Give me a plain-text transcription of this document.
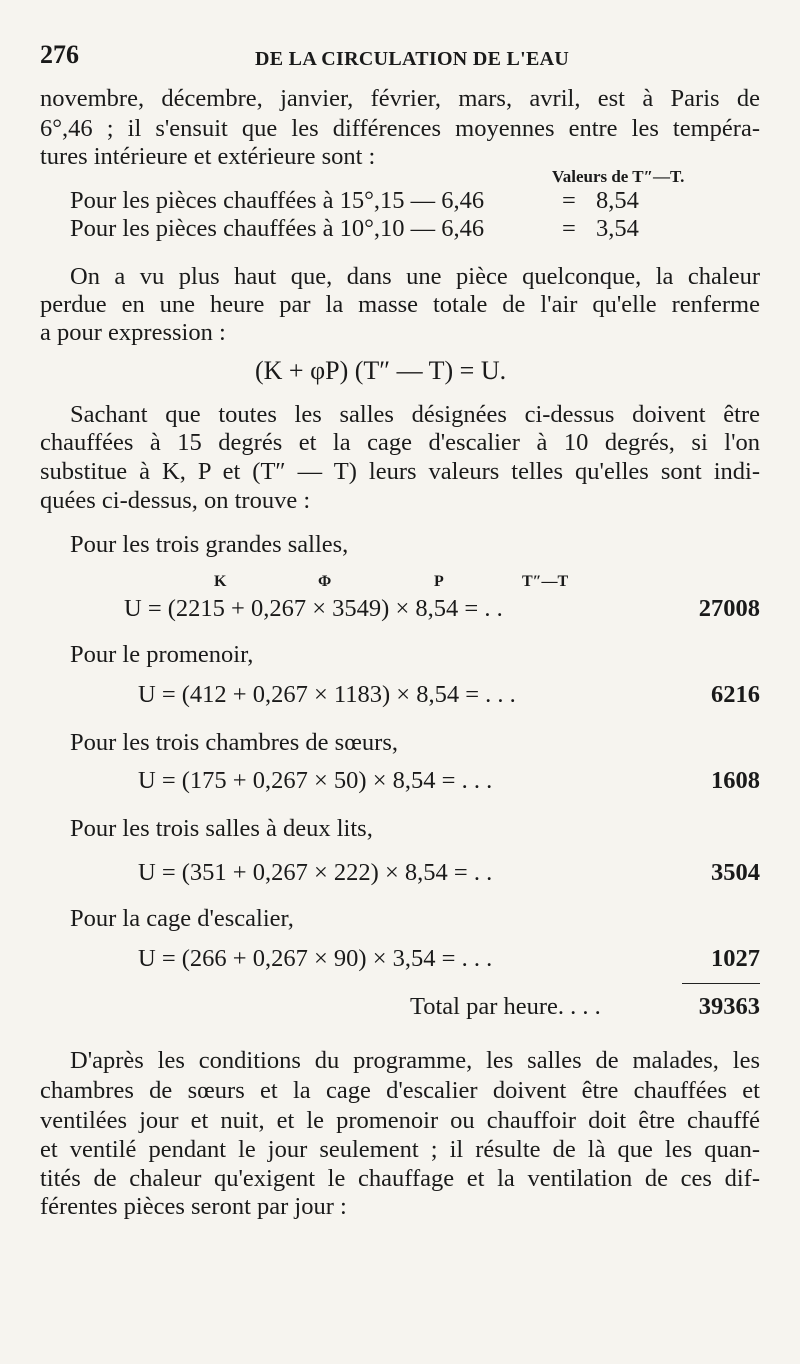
276	DE LA CIRCULATION DE L'EAU
novembre, décembre, janvier, février, mars, avril, est à Paris de
6°,46 ; il s'ensuit que les différences moyennes entre les tempéra-
tures intérieure et extérieure sont :
Valeurs de T″—T.
Pour les pièces chauffées à 15°,15 — 6,46	= 8,54
Pour les pièces chauffées à 10°,10 — 6,46	= 3,54
On a vu plus haut que, dans une pièce quelconque, la chaleur
perdue en une heure par la masse totale de l'air qu'elle renferme
a pour expression :
(K + φP) (T″ — T) = U.
Sachant que toutes les salles désignées ci-dessus doivent être
chauffées à 15 degrés et la cage d'escalier à 10 degrés, si l'on
substitue à K, P et (T″ — T) leurs valeurs telles qu'elles sont indi-
quées ci-dessus, on trouve :
Pour les trois grandes salles,
K	Φ	P	T″—T
U = (2215 + 0,267 × 3549) × 8,54 = . .	27008
Pour le promenoir,
U = (412 + 0,267 × 1183) × 8,54 = . . .	6216
Pour les trois chambres de sœurs,
U = (175 + 0,267 × 50) × 8,54 = . . .	1608
Pour les trois salles à deux lits,
U = (351 + 0,267 × 222) × 8,54 = . .	3504
Pour la cage d'escalier,
U = (266 + 0,267 × 90) × 3,54 = . . .	1027
Total par heure. . . .	39363
D'après les conditions du programme, les salles de malades, les
chambres de sœurs et la cage d'escalier doivent être chauffées et
ventilées jour et nuit, et le promenoir ou chauffoir doit être chauffé
et ventilé pendant le jour seulement ; il résulte de là que les quan-
tités de chaleur qu'exigent le chauffage et la ventilation de ces dif-
férentes pièces seront par jour :
